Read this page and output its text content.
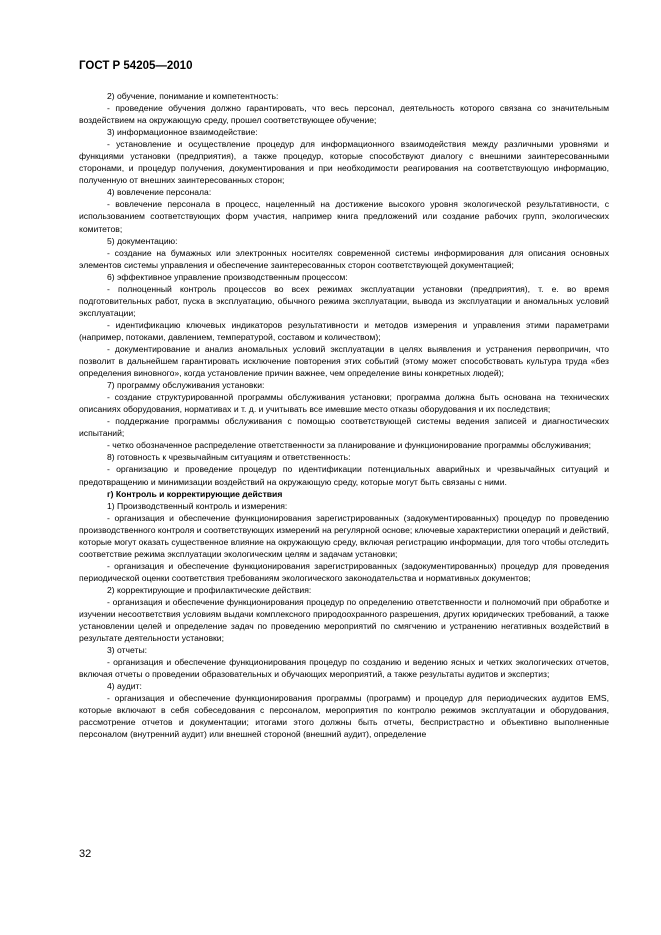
ГОСТ Р 54205—2010

2) обучение, понимание и компетентность:

- проведение обучения должно гарантировать, что весь персонал, деятельность которого связана со значительным воздействием на окружающую среду, прошел соответствующее обучение;

3) информационное взаимодействие:

- установление и осуществление процедур для информационного взаимодействия между различными уровнями и функциями установки (предприятия), а также процедур, которые способствуют диалогу с внешними заинтересованными сторонами, и процедур получения, документирования и при необходимости реагирования на соответствующую информацию, полученную от внешних заинтересованных сторон;

4) вовлечение персонала:

- вовлечение персонала в процесс, нацеленный на достижение высокого уровня экологической результативности, с использованием соответствующих форм участия, например книга предложений или создание рабочих групп, экологических комитетов;

5) документацию:

- создание на бумажных или электронных носителях современной системы информирования для описания основных элементов системы управления и обеспечение заинтересованных сторон соответствующей документацией;

6) эффективное управление производственным процессом:

- полноценный контроль процессов во всех режимах эксплуатации установки (предприятия), т. е. во время подготовительных работ, пуска в эксплуатацию, обычного режима эксплуатации, вывода из эксплуатации и аномальных условий эксплуатации;

- идентификацию ключевых индикаторов результативности и методов измерения и управления этими параметрами (например, потоками, давлением, температурой, составом и количеством);

- документирование и анализ аномальных условий эксплуатации в целях выявления и устранения первопричин, что позволит в дальнейшем гарантировать исключение повторения этих событий (этому может способствовать культура труда «без определения виновного», когда установление причин важнее, чем определение вины конкретных людей);

7) программу обслуживания установки:

- создание структурированной программы обслуживания установки; программа должна быть основана на технических описаниях оборудования, нормативах и т. д. и учитывать все имевшие место отказы оборудования и их последствия;

- поддержание программы обслуживания с помощью соответствующей системы ведения записей и диагностических испытаний;

- четко обозначенное распределение ответственности за планирование и функционирование программы обслуживания;

8) готовность к чрезвычайным ситуациям и ответственность:

- организацию и проведение процедур по идентификации потенциальных аварийных и чрезвычайных ситуаций и предотвращению и минимизации воздействий на окружающую среду, которые могут быть связаны с ними.

г) Контроль и корректирующие действия

1) Производственный контроль и измерения:

- организация и обеспечение функционирования зарегистрированных (задокументированных) процедур по проведению производственного контроля и соответствующих измерений на регулярной основе; ключевые характеристики операций и действий, которые могут оказать существенное влияние на окружающую среду, включая регистрацию информации, для того чтобы отследить соответствие режима эксплуатации экологическим целям и задачам установки;

- организация и обеспечение функционирования зарегистрированных (задокументированных) процедур для проведения периодической оценки соответствия требованиям экологического законодательства и нормативных документов;

2) корректирующие и профилактические действия:

- организация и обеспечение функционирования процедур по определению ответственности и полномочий при обработке и изучении несоответствия условиям выдачи комплексного природоохранного разрешения, других юридических требований, а также установлении целей и определение задач по проведению мероприятий по смягчению и устранению негативных воздействий в результате деятельности установки;

3) отчеты:

- организация и обеспечение функционирования процедур по созданию и ведению ясных и четких экологических отчетов, включая отчеты о проведении образовательных и обучающих мероприятий, а также результаты аудитов и экспертиз;

4) аудит:

- организация и обеспечение функционирования программы (программ) и процедур для периодических аудитов EMS, которые включают в себя собеседования с персоналом, мероприятия по контролю режимов эксплуатации и оборудования, рассмотрение отчетов и документации; итогами этого должны быть отчеты, беспристрастно и объективно выполненные персоналом (внутренний аудит) или внешней стороной (внешний аудит), определение

32
